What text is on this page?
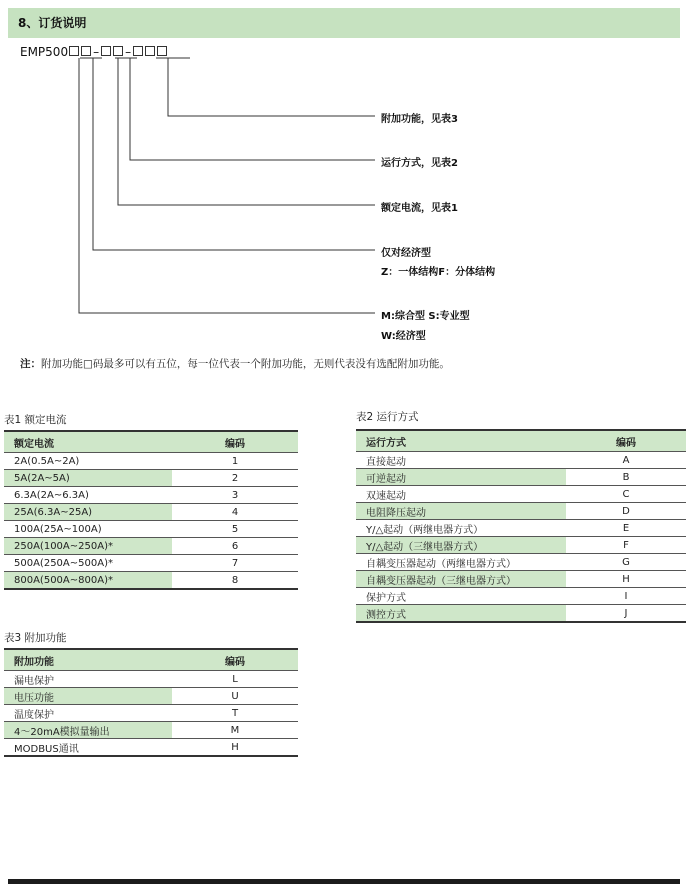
8、订货说明
EMP500 – –
附加功能，见表3
运行方式，见表2
额定电流，见表1
仅对经济型
Z：一体结构F：分体结构
M:综合型 S:专业型
W:经济型
注：附加功能□码最多可以有五位，每一位代表一个附加功能，无则代表没有选配附加功能。
表1 额定电流
额定电流	编码
2A(0.5A~2A)	1
5A(2A~5A)	2
6.3A(2A~6.3A)	3
25A(6.3A~25A)	4
100A(25A~100A)	5
250A(100A~250A)*	6
500A(250A~500A)*	7
800A(500A~800A)*	8
表2 运行方式
运行方式	编码
直接起动	A
可逆起动	B
双速起动	C
电阻降压起动	D
Y/△起动（两继电器方式）	E
Y/△起动（三继电器方式）	F
自耦变压器起动（两继电器方式）	G
自耦变压器起动（三继电器方式）	H
保护方式	I
测控方式	J
表3 附加功能
附加功能	编码
漏电保护	L
电压功能	U
温度保护	T
4～20mA模拟量输出	M
MODBUS通讯	H
